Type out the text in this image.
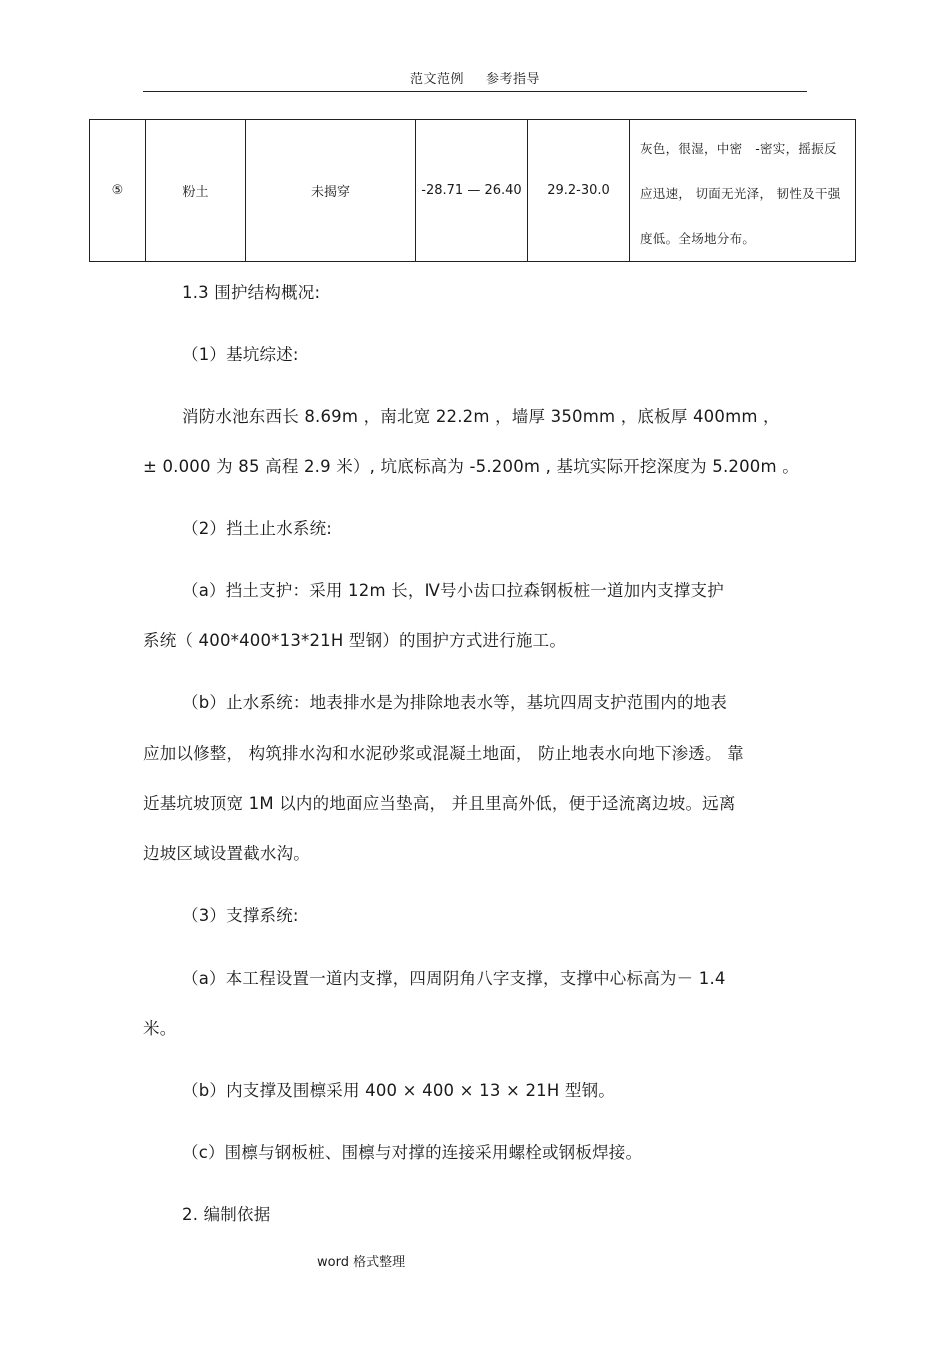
范文范例 参考指导
⑤	粉土	未揭穿	-28.71 — 26.40	29.2-30.0	
灰色，很湿，中密　-密实，摇振反
应迅速， 切面无光泽， 韧性及干强
度低。全场地分布。
1.3 围护结构概况:
（1）基坑综述:
消防水池东西长 8.69m ，南北宽 22.2m ，墙厚 350mm ，底板厚 400mm ，
± 0.000 为 85 高程 2.9 米）, 坑底标高为 -5.200m , 基坑实际开挖深度为 5.200m 。
（2）挡土止水系统:
（a）挡土支护：采用 12m 长，Ⅳ号小齿口拉森钢板桩一道加内支撑支护
系统（ 400*400*13*21H 型钢）的围护方式进行施工。
（b）止水系统：地表排水是为排除地表水等，基坑四周支护范围内的地表
应加以修整， 构筑排水沟和水泥砂浆或混凝土地面， 防止地表水向地下渗透。 靠
近基坑坡顶宽 1M 以内的地面应当垫高， 并且里高外低，便于迳流离边坡。远离
边坡区域设置截水沟。
（3）支撑系统:
（a）本工程设置一道内支撑，四周阴角八字支撑，支撑中心标高为－ 1.4
米。
（b）内支撑及围檩采用 400 × 400 × 13 × 21H 型钢。
（c）围檩与钢板桩、围檩与对撑的连接采用螺栓或钢板焊接。
2. 编制依据
word 格式整理
